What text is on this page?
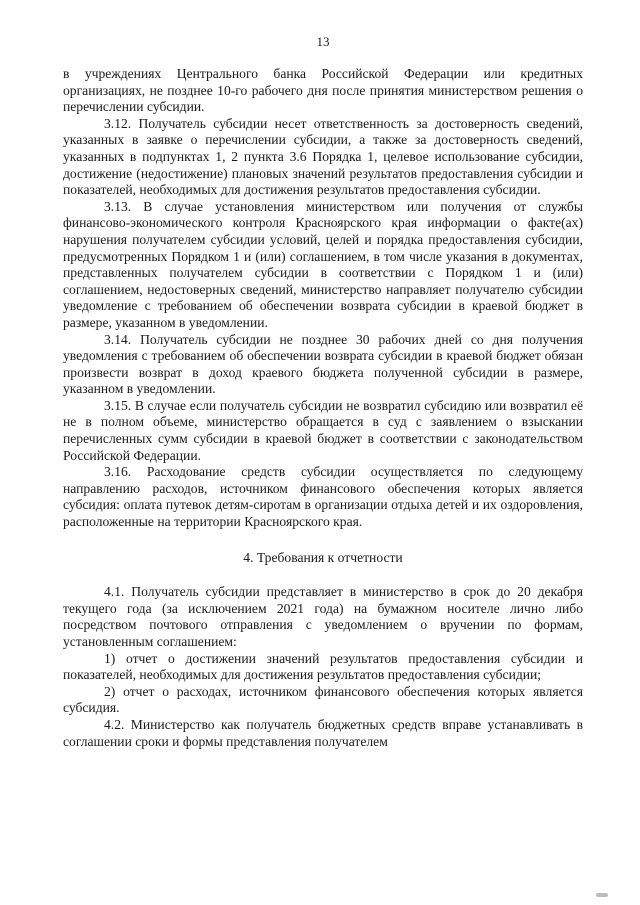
13

в учреждениях Центрального банка Российской Федерации или кредитных организациях, не позднее 10-го рабочего дня после принятия министерством решения о перечислении субсидии.

3.12. Получатель субсидии несет ответственность за достоверность сведений, указанных в заявке о перечислении субсидии, а также за достоверность сведений, указанных в подпунктах 1, 2 пункта 3.6 Порядка 1, целевое использование субсидии, достижение (недостижение) плановых значений результатов предоставления субсидии и показателей, необходимых для достижения результатов предоставления субсидии.

3.13. В случае установления министерством или получения от службы финансово-экономического контроля Красноярского края информации о факте(ах) нарушения получателем субсидии условий, целей и порядка предоставления субсидии, предусмотренных Порядком 1 и (или) соглашением, в том числе указания в документах, представленных получателем субсидии в соответствии с Порядком 1 и (или) соглашением, недостоверных сведений, министерство направляет получателю субсидии уведомление с требованием об обеспечении возврата субсидии в краевой бюджет в размере, указанном в уведомлении.

3.14. Получатель субсидии не позднее 30 рабочих дней со дня получения уведомления с требованием об обеспечении возврата субсидии в краевой бюджет обязан произвести возврат в доход краевого бюджета полученной субсидии в размере, указанном в уведомлении.

3.15. В случае если получатель субсидии не возвратил субсидию или возвратил её не в полном объеме, министерство обращается в суд с заявлением о взыскании перечисленных сумм субсидии в краевой бюджет в соответствии с законодательством Российской Федерации.

3.16. Расходование средств субсидии осуществляется по следующему направлению расходов, источником финансового обеспечения которых является субсидия: оплата путевок детям-сиротам в организации отдыха детей и их оздоровления, расположенные на территории Красноярского края.

4. Требования к отчетности

4.1. Получатель субсидии представляет в министерство в срок до 20 декабря текущего года (за исключением 2021 года) на бумажном носителе лично либо посредством почтового отправления с уведомлением о вручении по формам, установленным соглашением:

1) отчет о достижении значений результатов предоставления субсидии и показателей, необходимых для достижения результатов предоставления субсидии;

2) отчет о расходах, источником финансового обеспечения которых является субсидия.

4.2. Министерство как получатель бюджетных средств вправе устанавливать в соглашении сроки и формы представления получателем
